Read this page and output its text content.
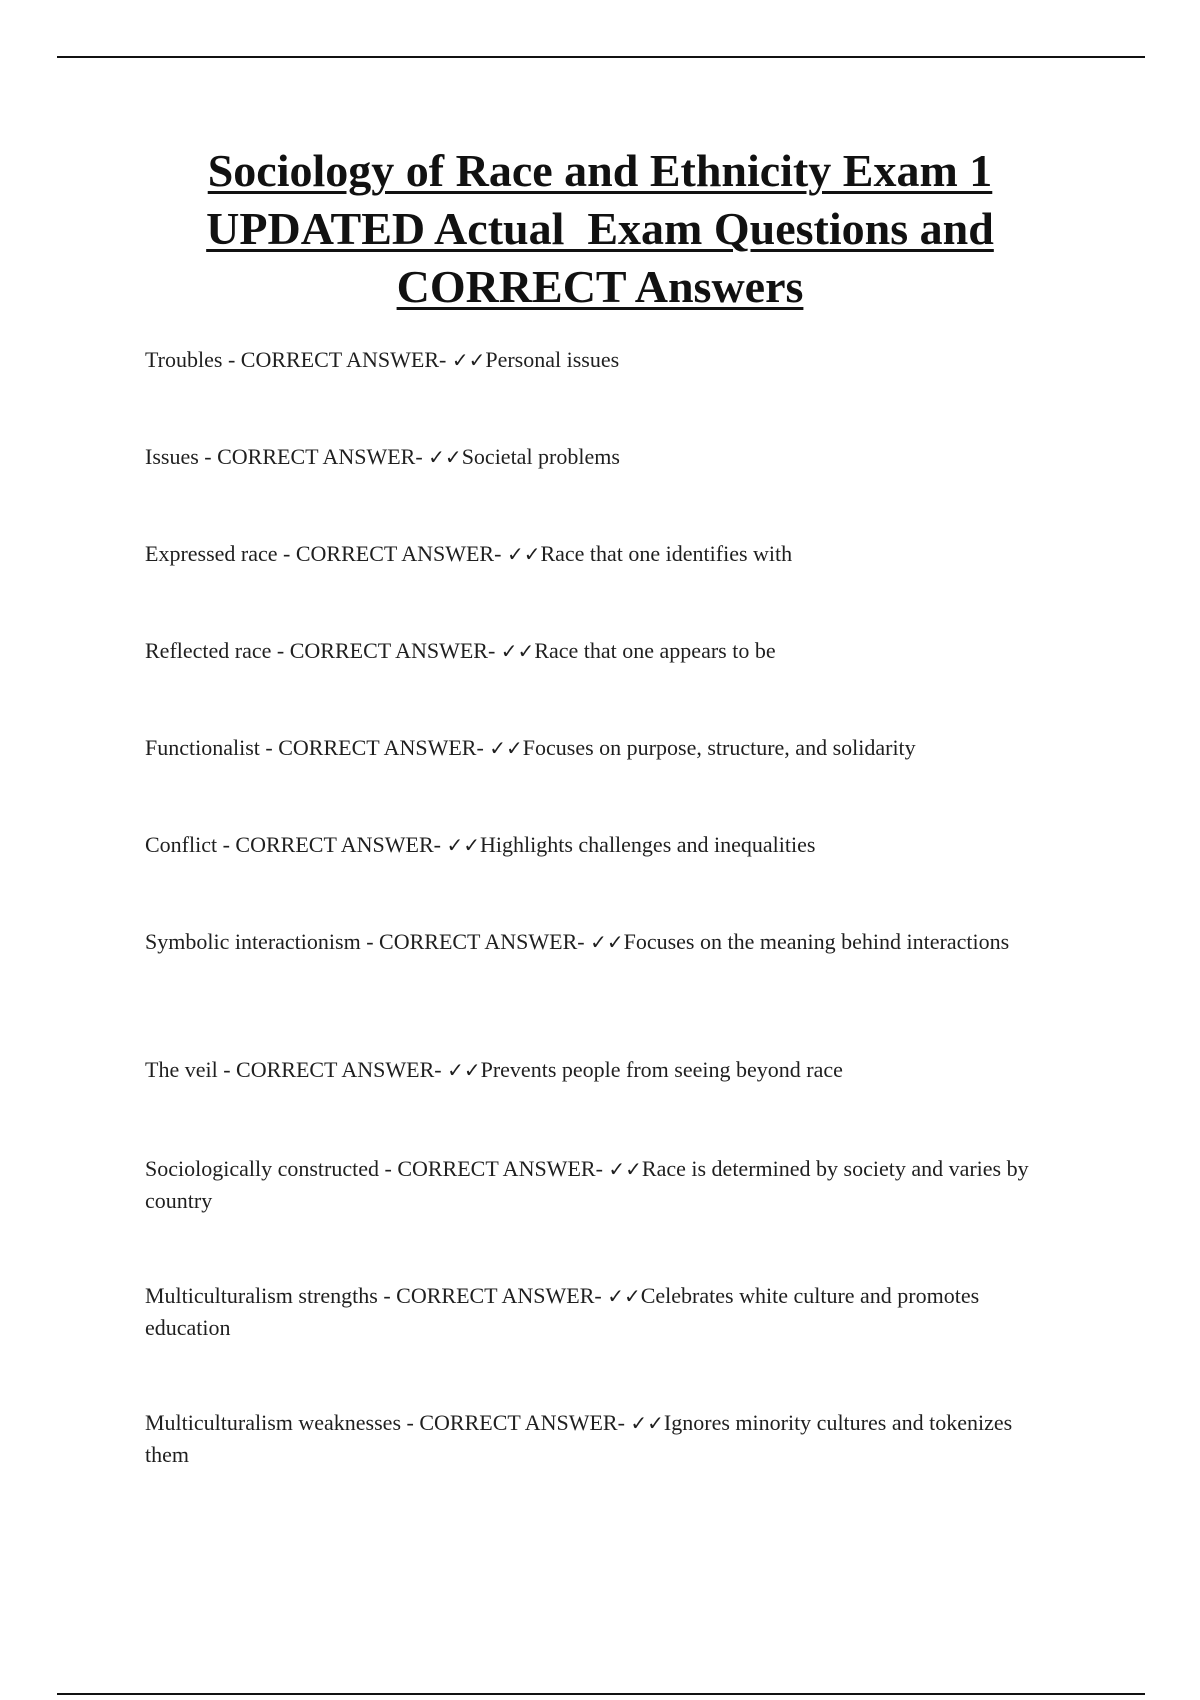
Sociology of Race and Ethnicity Exam 1
UPDATED Actual  Exam Questions and
CORRECT Answers

Troubles - CORRECT ANSWER- ✓✓Personal issues

Issues - CORRECT ANSWER- ✓✓Societal problems

Expressed race - CORRECT ANSWER- ✓✓Race that one identifies with

Reflected race - CORRECT ANSWER- ✓✓Race that one appears to be

Functionalist - CORRECT ANSWER- ✓✓Focuses on purpose, structure, and solidarity

Conflict - CORRECT ANSWER- ✓✓Highlights challenges and inequalities

Symbolic interactionism - CORRECT ANSWER- ✓✓Focuses on the meaning behind interactions

The veil - CORRECT ANSWER- ✓✓Prevents people from seeing beyond race

Sociologically constructed - CORRECT ANSWER- ✓✓Race is determined by society and varies by country

Multiculturalism strengths - CORRECT ANSWER- ✓✓Celebrates white culture and promotes education

Multiculturalism weaknesses - CORRECT ANSWER- ✓✓Ignores minority cultures and tokenizes them
